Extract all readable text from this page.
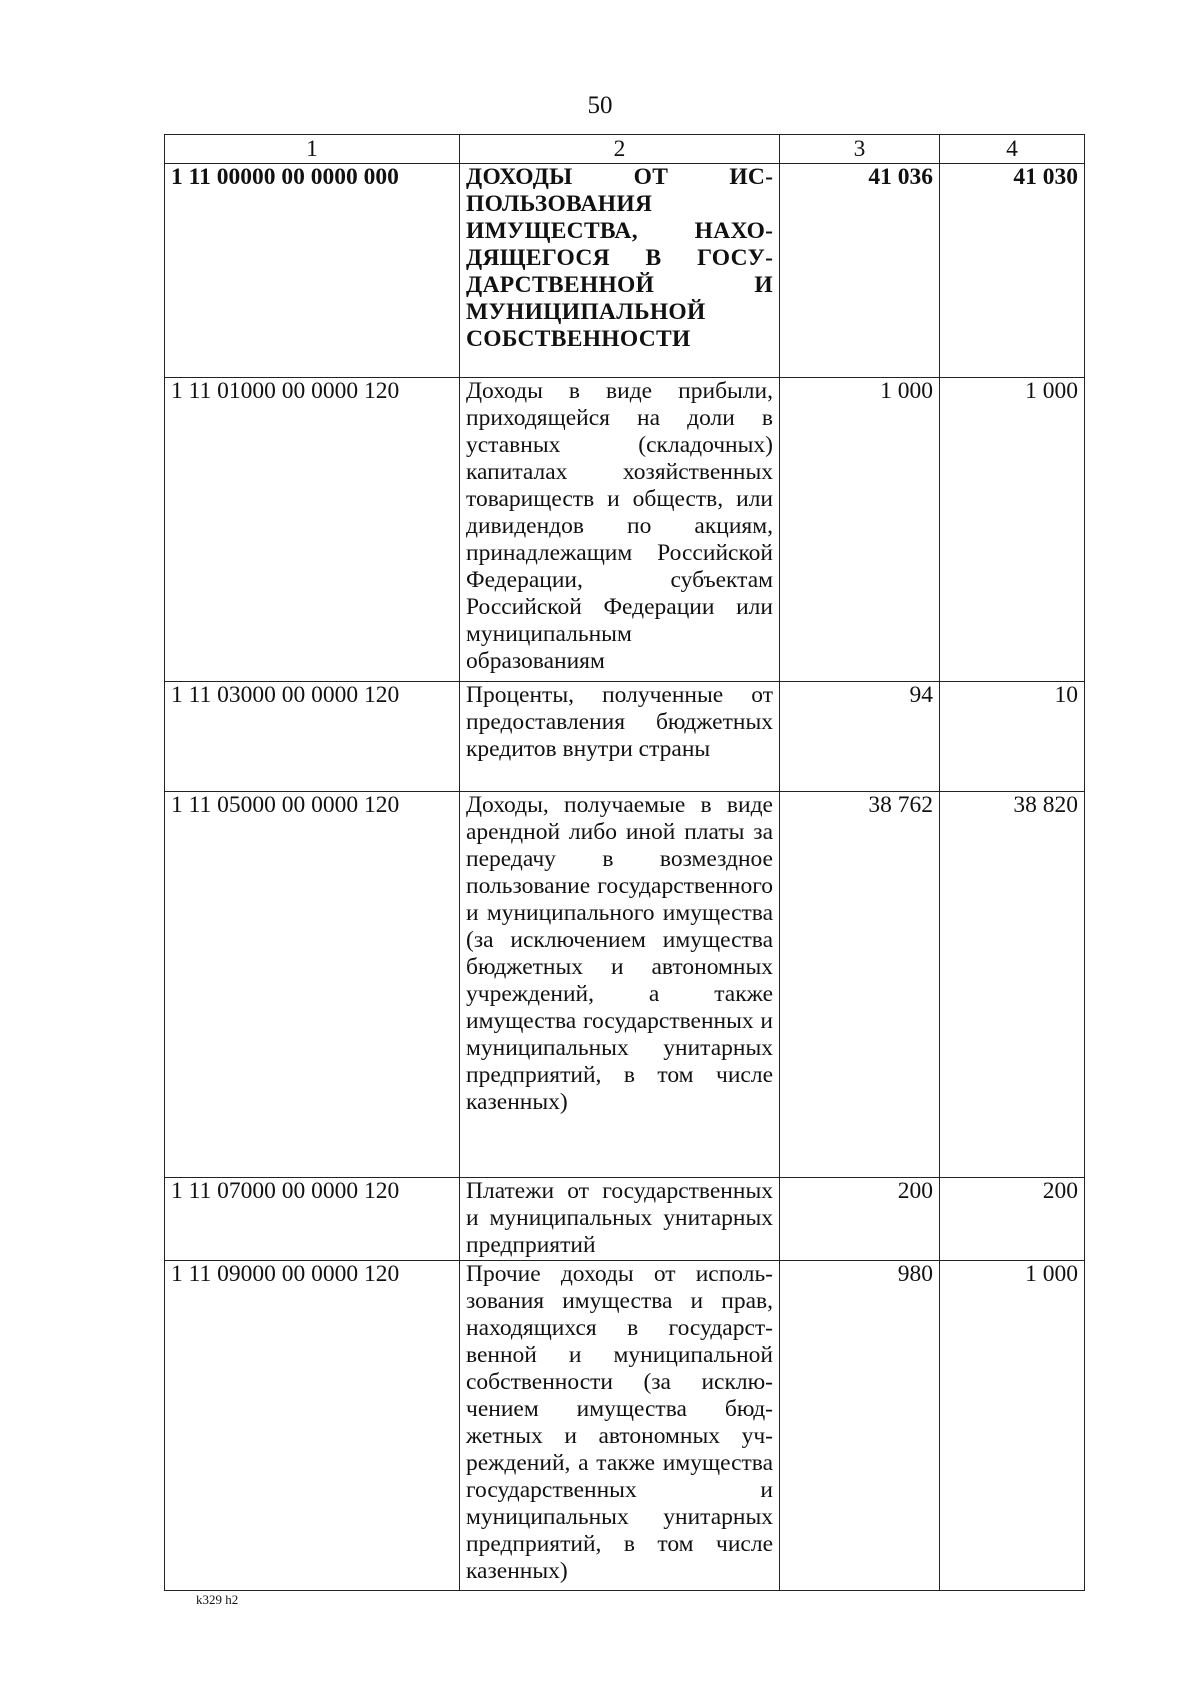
50
1	2	3	4
1 11 00000 00 0000 000	ДОХОДЫ ОТ ИСПОЛЬЗОВАНИЯ ИМУЩЕСТВА, НАХОДЯЩЕГОСЯ В ГОСУДАРСТВЕННОЙ И МУНИЦИПАЛЬНОЙ СОБСТВЕННОСТИ	41 036	41 030
1 11 01000 00 0000 120	Доходы в виде прибыли, приходящейся на доли в уставных (складочных) капиталах хозяйственных товариществ и обществ, или дивидендов по акциям, принадлежащим Российской Федерации, субъектам Российской Федерации или муниципальным образованиям	1 000	1 000
1 11 03000 00 0000 120	Проценты, полученные от предоставления бюджетных кредитов внутри страны	94	10
1 11 05000 00 0000 120	Доходы, получаемые в виде арендной либо иной платы за передачу в возмездное пользование государственного и муниципального имущества (за исключением имущества бюджетных и автономных учреждений, а также имущества государственных и муниципальных унитарных предприятий, в том числе казенных)	38 762	38 820
1 11 07000 00 0000 120	Платежи от государственных и муниципальных унитарных предприятий	200	200
1 11 09000 00 0000 120	Прочие доходы от использования имущества и прав, находящихся в государственной и муниципальной собственности (за исключением имущества бюджетных и автономных учреждений, а также имущества государственных и муниципальных унитарных предприятий, в том числе казенных)	980	1 000
k329 h2
